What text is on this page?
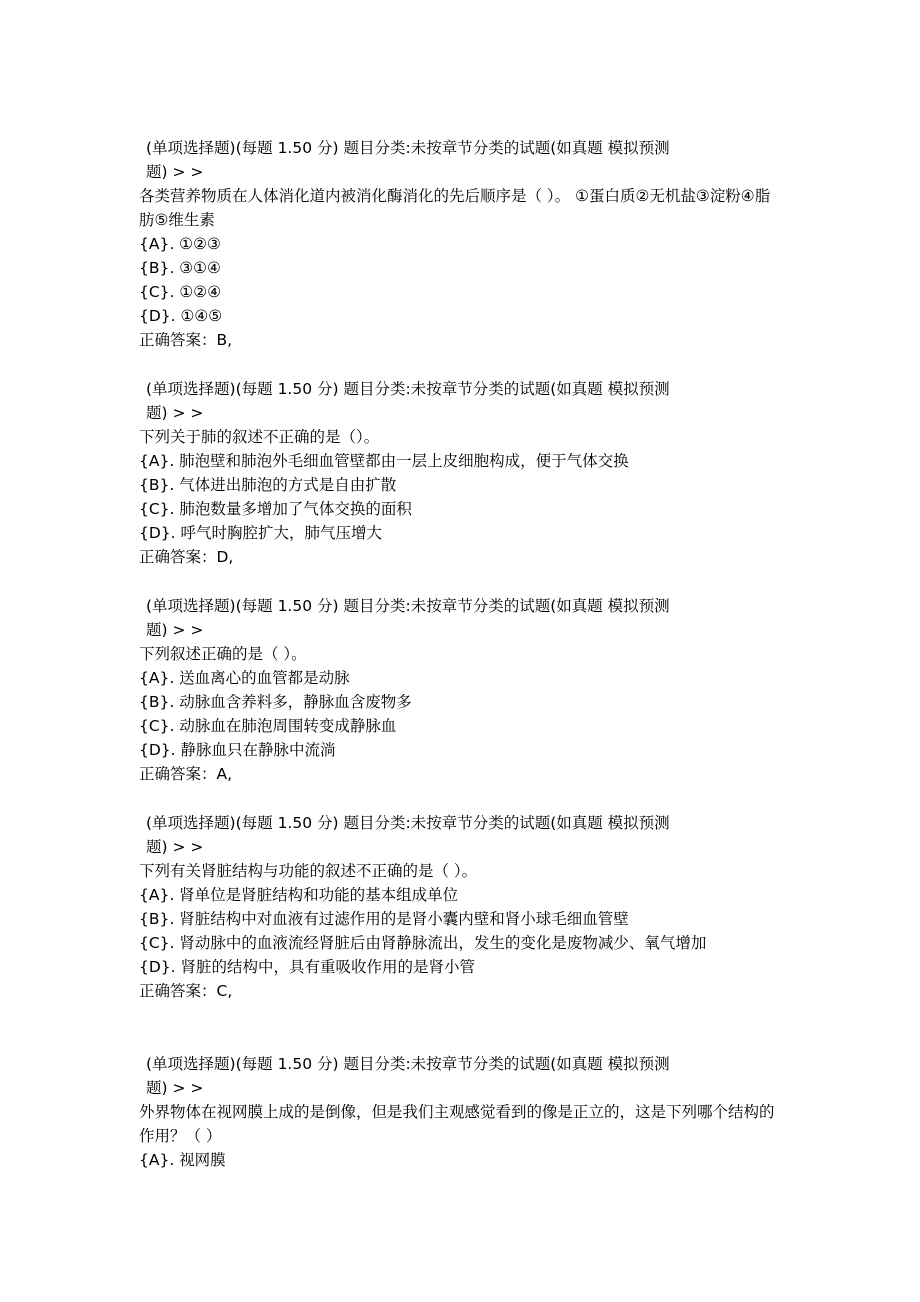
(单项选择题)(每题 1.50 分) 题目分类:未按章节分类的试题(如真题 模拟预测
题) > >
各类营养物质在人体消化道内被消化酶消化的先后顺序是（ ）。 ①蛋白质②无机盐③淀粉④脂肪⑤维生素
{A}. ①②③
{B}. ③①④
{C}. ①②④
{D}. ①④⑤
正确答案：B,
(单项选择题)(每题 1.50 分) 题目分类:未按章节分类的试题(如真题 模拟预测
题) > >
下列关于肺的叙述不正确的是（）。
{A}. 肺泡壁和肺泡外毛细血管壁都由一层上皮细胞构成，便于气体交换
{B}. 气体进出肺泡的方式是自由扩散
{C}. 肺泡数量多增加了气体交换的面积
{D}. 呼气时胸腔扩大，肺气压增大
正确答案：D,
(单项选择题)(每题 1.50 分) 题目分类:未按章节分类的试题(如真题 模拟预测
题) > >
下列叙述正确的是（ ）。
{A}. 送血离心的血管都是动脉
{B}. 动脉血含养料多，静脉血含废物多
{C}. 动脉血在肺泡周围转变成静脉血
{D}. 静脉血只在静脉中流淌
正确答案：A,
(单项选择题)(每题 1.50 分) 题目分类:未按章节分类的试题(如真题 模拟预测
题) > >
下列有关肾脏结构与功能的叙述不正确的是（ ）。
{A}. 肾单位是肾脏结构和功能的基本组成单位
{B}. 肾脏结构中对血液有过滤作用的是肾小囊内壁和肾小球毛细血管壁
{C}. 肾动脉中的血液流经肾脏后由肾静脉流出，发生的变化是废物减少、氧气增加
{D}. 肾脏的结构中，具有重吸收作用的是肾小管
正确答案：C,
(单项选择题)(每题 1.50 分) 题目分类:未按章节分类的试题(如真题 模拟预测
题) > >
外界物体在视网膜上成的是倒像，但是我们主观感觉看到的像是正立的，这是下列哪个结构的作用？（ ）
{A}. 视网膜
